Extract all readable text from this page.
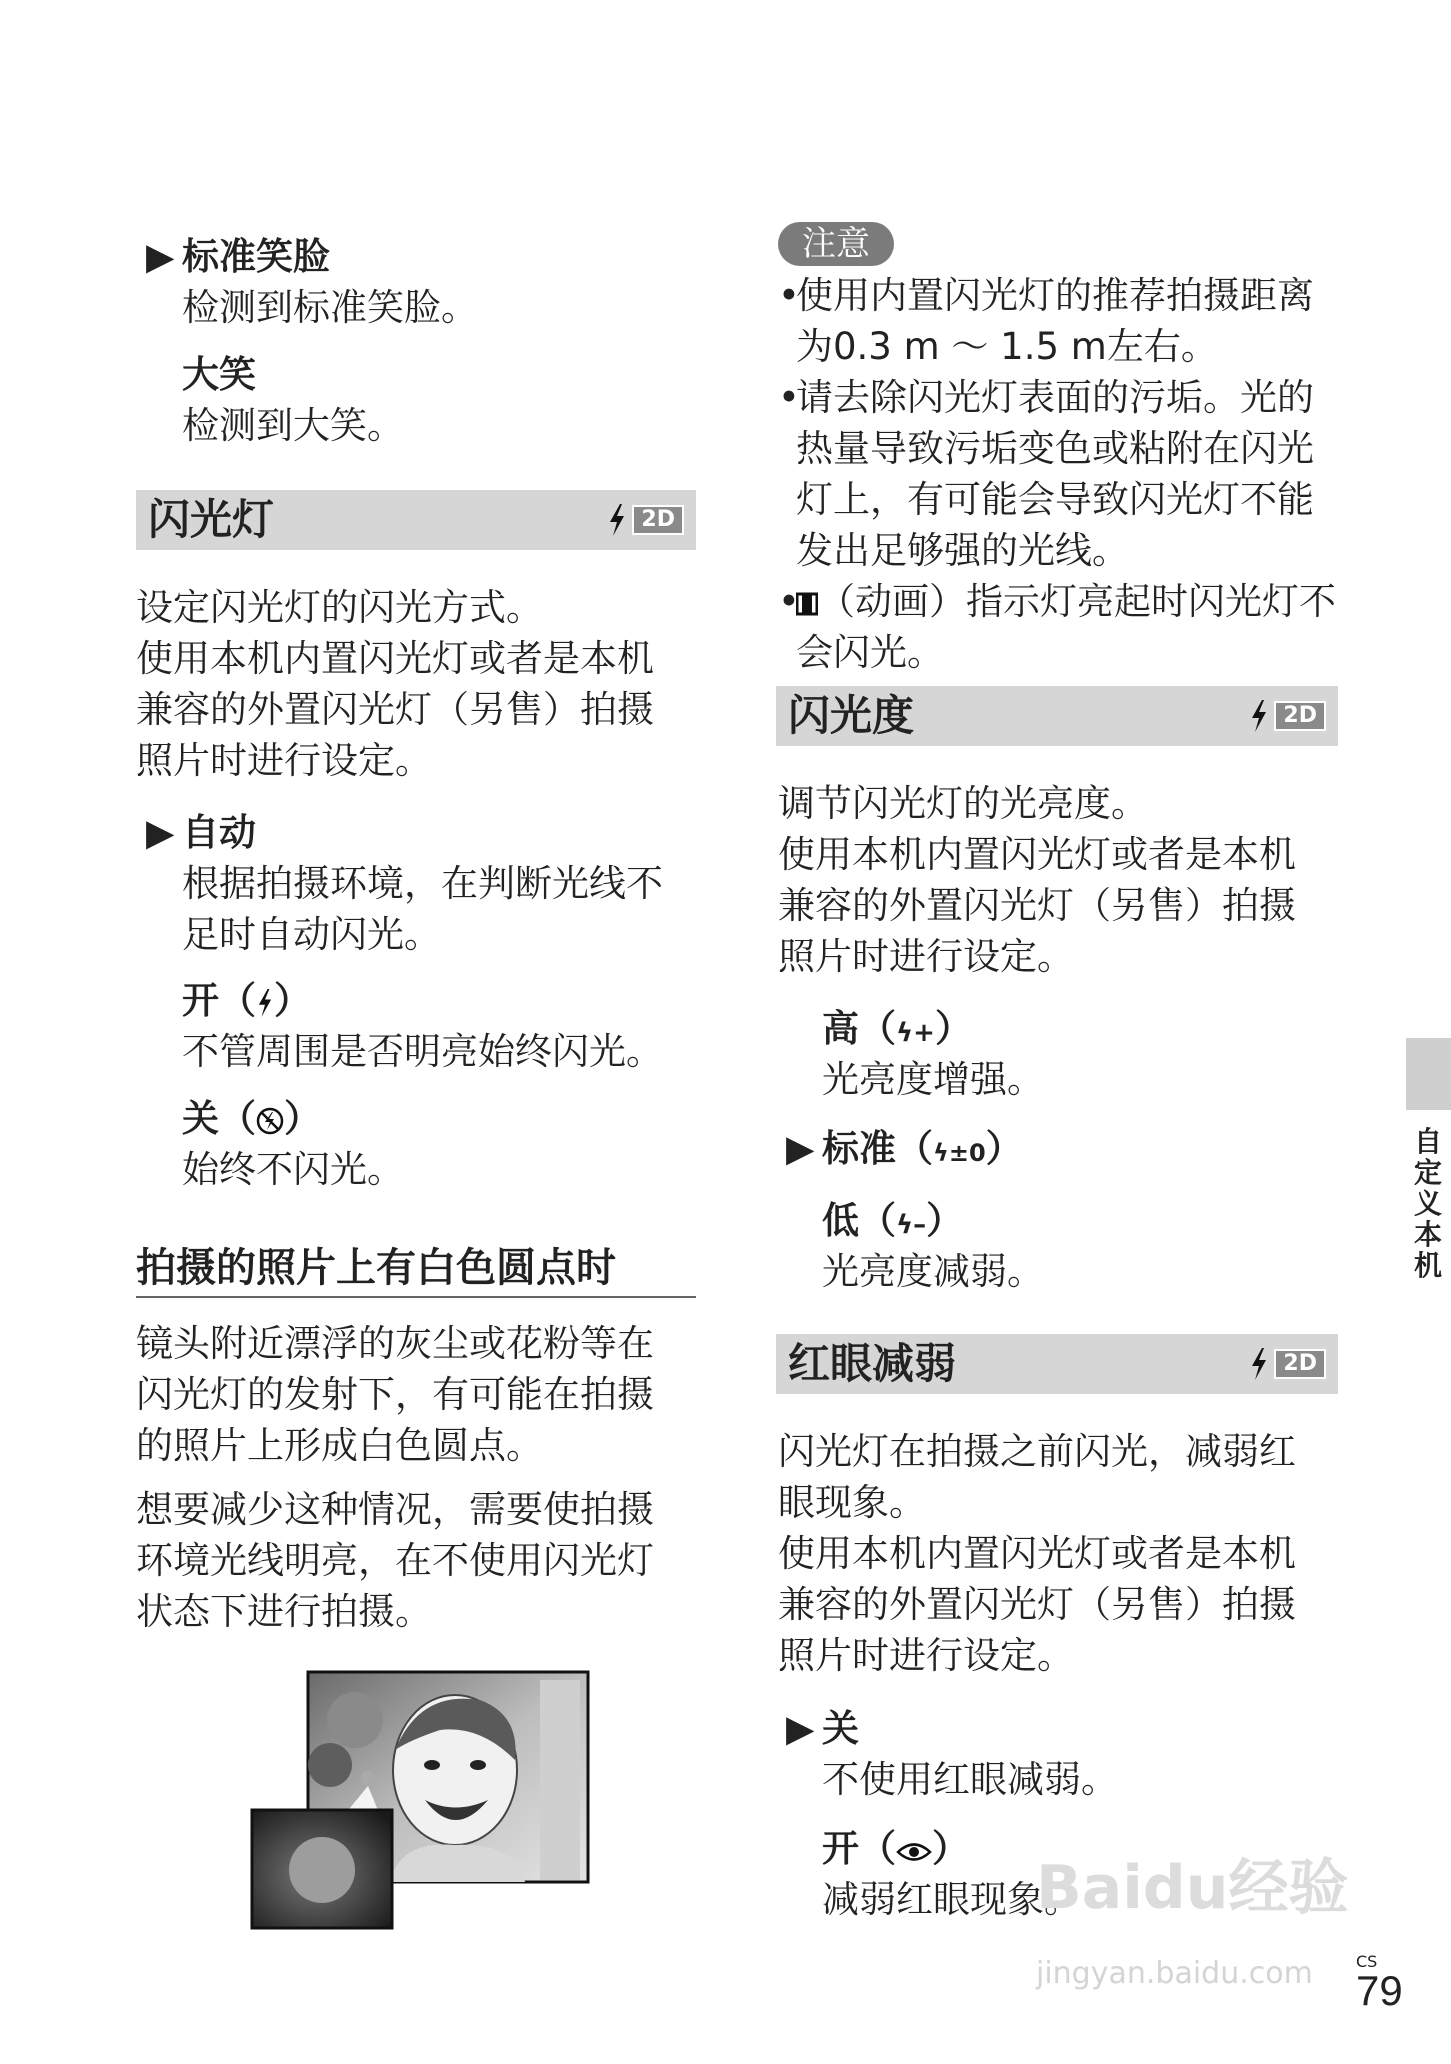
▶ 标准笑脸
检测到标准笑脸。
大笑
检测到大笑。
闪光灯	2D
设定闪光灯的闪光方式。
使用本机内置闪光灯或者是本机
兼容的外置闪光灯（另售）拍摄
照片时进行设定。
▶ 自动
根据拍摄环境，在判断光线不
足时自动闪光。
开（ ）
不管周围是否明亮始终闪光。
关（ ）
始终不闪光。
拍摄的照片上有白色圆点时
镜头附近漂浮的灰尘或花粉等在
闪光灯的发射下，有可能在拍摄
的照片上形成白色圆点。
想要减少这种情况，需要使拍摄
环境光线明亮，在不使用闪光灯
状态下进行拍摄。
注意
•使用内置闪光灯的推荐拍摄距离
为0.3 m ～ 1.5 m左右。
•请去除闪光灯表面的污垢。光的
热量导致污垢变色或粘附在闪光
灯上，有可能会导致闪光灯不能
发出足够强的光线。
• （动画）指示灯亮起时闪光灯不
会闪光。
闪光度	2D
调节闪光灯的光亮度。
使用本机内置闪光灯或者是本机
兼容的外置闪光灯（另售）拍摄
照片时进行设定。
高（ϟ+）
光亮度增强。
▶ 标准（ϟ±0）
低（ϟ–）
光亮度减弱。
红眼减弱	2D
闪光灯在拍摄之前闪光，减弱红
眼现象。
使用本机内置闪光灯或者是本机
兼容的外置闪光灯（另售）拍摄
照片时进行设定。
▶ 关
不使用红眼减弱。
开（ ）
减弱红眼现象。
自定义本机
Baidu经验
jingyan.baidu.com	CS
79
